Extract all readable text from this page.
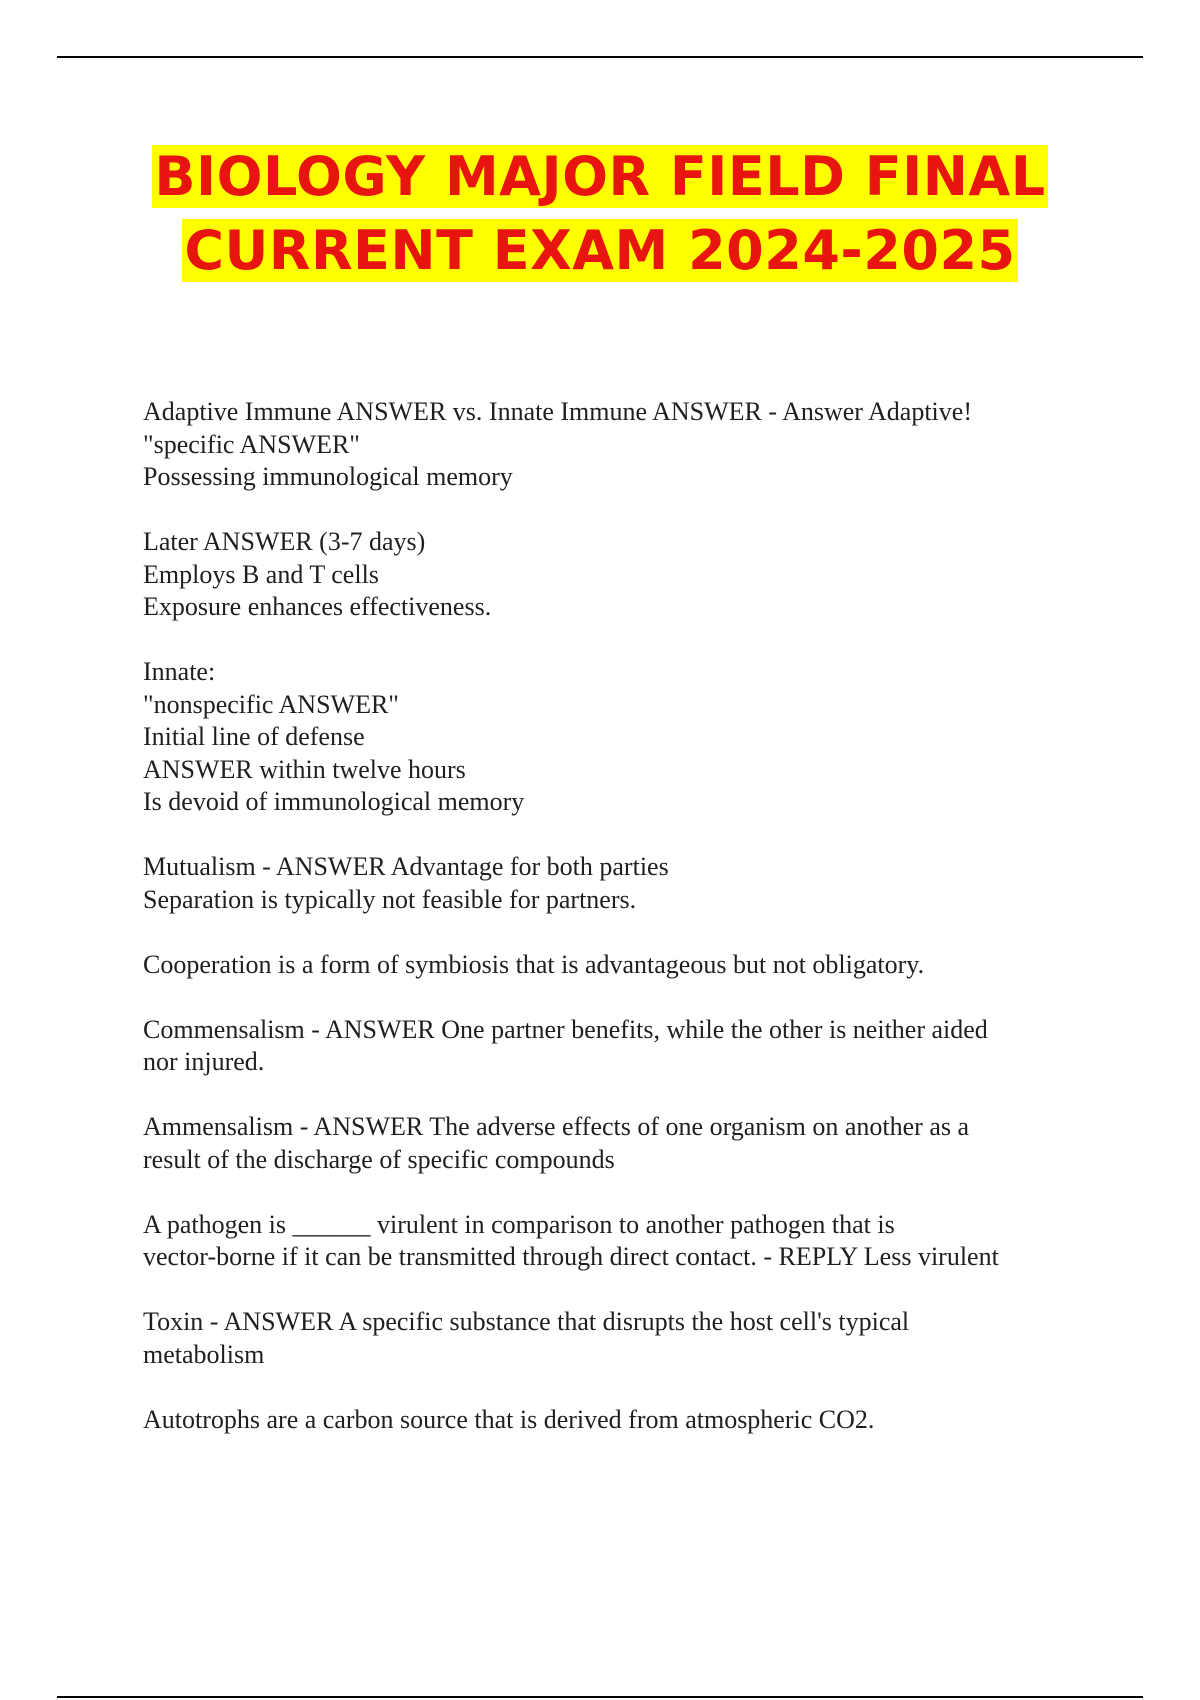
BIOLOGY MAJOR FIELD FINAL
CURRENT EXAM 2024-2025
Adaptive Immune ANSWER vs. Innate Immune ANSWER - Answer Adaptive!
"specific ANSWER"
Possessing immunological memory
Later ANSWER (3-7 days)
Employs B and T cells
Exposure enhances effectiveness.
Innate:
"nonspecific ANSWER"
Initial line of defense
ANSWER within twelve hours
Is devoid of immunological memory
Mutualism - ANSWER Advantage for both parties
Separation is typically not feasible for partners.
Cooperation is a form of symbiosis that is advantageous but not obligatory.
Commensalism - ANSWER One partner benefits, while the other is neither aided
nor injured.
Ammensalism - ANSWER The adverse effects of one organism on another as a
result of the discharge of specific compounds
A pathogen is ______ virulent in comparison to another pathogen that is
vector-borne if it can be transmitted through direct contact. - REPLY Less virulent
Toxin - ANSWER A specific substance that disrupts the host cell's typical
metabolism
Autotrophs are a carbon source that is derived from atmospheric CO2.
